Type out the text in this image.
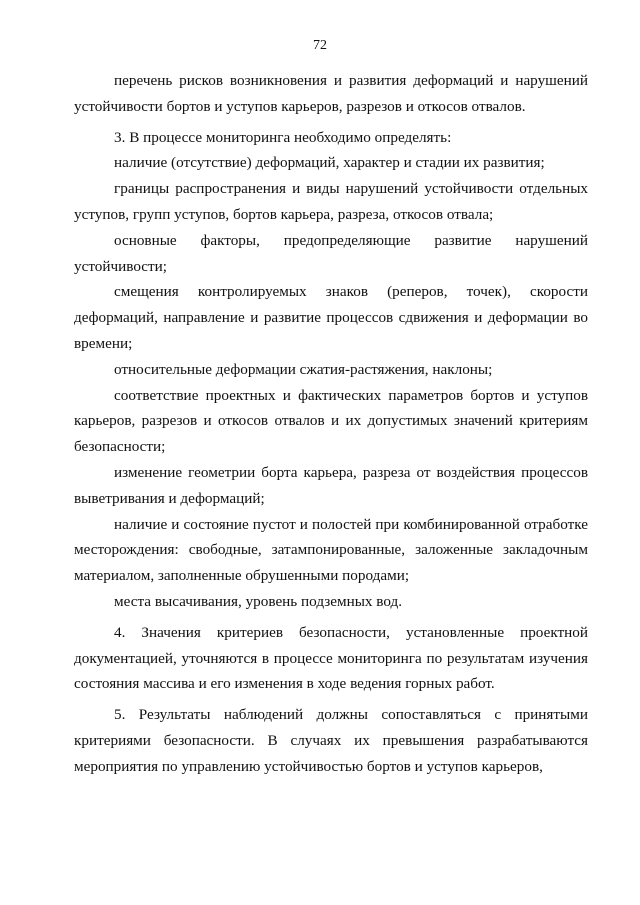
72

перечень рисков возникновения и развития деформаций и нарушений устойчивости бортов и уступов карьеров, разрезов и откосов отвалов.

3. В процессе мониторинга необходимо определять:

наличие (отсутствие) деформаций, характер и стадии их развития;

границы распространения и виды нарушений устойчивости отдельных уступов, групп уступов, бортов карьера, разреза, откосов отвала;

основные факторы, предопределяющие развитие нарушений устойчивости;

смещения контролируемых знаков (реперов, точек), скорости деформаций, направление и развитие процессов сдвижения и деформации во времени;

относительные деформации сжатия-растяжения, наклоны;

соответствие проектных и фактических параметров бортов и уступов карьеров, разрезов и откосов отвалов и их допустимых значений критериям безопасности;

изменение геометрии борта карьера, разреза от воздействия процессов выветривания и деформаций;

наличие и состояние пустот и полостей при комбинированной отработке месторождения: свободные, затампонированные, заложенные закладочным материалом, заполненные обрушенными породами;

места высачивания, уровень подземных вод.

4. Значения критериев безопасности, установленные проектной документацией, уточняются в процессе мониторинга по результатам изучения состояния массива и его изменения в ходе ведения горных работ.

5. Результаты наблюдений должны сопоставляться с принятыми критериями безопасности. В случаях их превышения разрабатываются мероприятия по управлению устойчивостью бортов и уступов карьеров,
